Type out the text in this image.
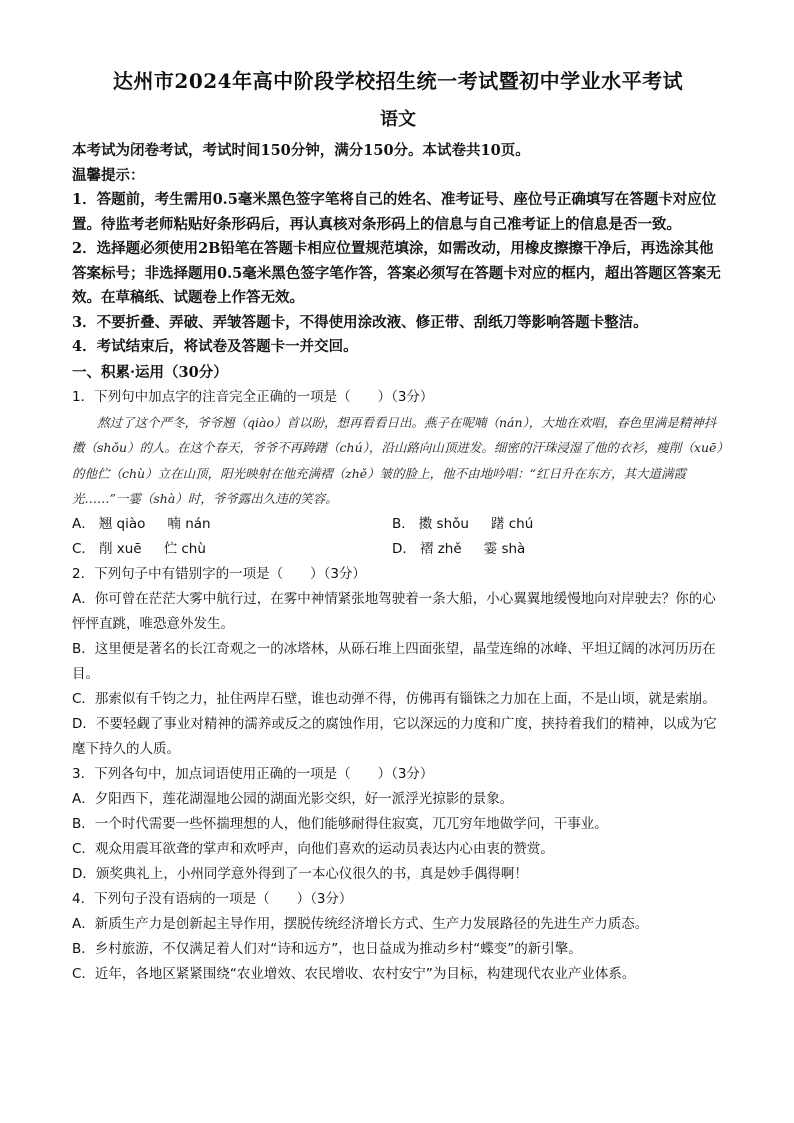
达州市2024年高中阶段学校招生统一考试暨初中学业水平考试
语文

本考试为闭卷考试，考试时间150分钟，满分150分。本试卷共10页。

温馨提示：

1．答题前，考生需用0.5毫米黑色签字笔将自己的姓名、准考证号、座位号正确填写在答题卡对应位置。待监考老师粘贴好条形码后，再认真核对条形码上的信息与自己准考证上的信息是否一致。

2．选择题必须使用2B铅笔在答题卡相应位置规范填涂，如需改动，用橡皮擦擦干净后，再选涂其他答案标号；非选择题用0.5毫米黑色签字笔作答，答案必须写在答题卡对应的框内，超出答题区答案无效。在草稿纸、试题卷上作答无效。

3．不要折叠、弄破、弄皱答题卡，不得使用涂改液、修正带、刮纸刀等影响答题卡整洁。

4．考试结束后，将试卷及答题卡一并交回。

一、积累·运用（30分）

1．下列句中加点字的注音完全正确的一项是（　　）（3分）

熬过了这个严冬，爷爷翘（qiào）首以盼，想再看看日出。燕子在呢喃（nán），大地在欢唱，春色里满是精神抖擞（shǒu）的人。在这个春天，爷爷不再踌躇（chú），沿山路向山顶进发。细密的汗珠浸湿了他的衣衫，瘦削（xuē）的他伫（chù）立在山顶，阳光映射在他充满褶（zhě）皱的脸上，他不由地吟唱：“红日升在东方，其大道满霞光……”一霎（shà）时，爷爷露出久违的笑容。

A． 翘 qiào 喃 nán	B． 擞 shǒu 躇 chú
C． 削 xuē 伫 chù	D． 褶 zhě 霎 shà

2．下列句子中有错别字的一项是（　　）（3分）

A．你可曾在茫茫大雾中航行过，在雾中神情紧张地驾驶着一条大船，小心翼翼地缓慢地向对岸驶去？你的心怦怦直跳，唯恐意外发生。

B．这里便是著名的长江奇观之一的冰塔林，从砾石堆上四面张望，晶莹连绵的冰峰、平坦辽阔的冰河历历在目。

C．那索似有千钧之力，扯住两岸石壁，谁也动弹不得，仿佛再有锱铢之力加在上面，不是山顷，就是索崩。

D．不要轻觑了事业对精神的濡养或反之的腐蚀作用，它以深远的力度和广度，挟持着我们的精神，以成为它麾下持久的人质。

3．下列各句中，加点词语使用正确的一项是（　　）（3分）

A．夕阳西下，莲花湖湿地公园的湖面光影交织，好一派浮光掠影的景象。

B．一个时代需要一些怀揣理想的人，他们能够耐得住寂寞，兀兀穷年地做学问，干事业。

C．观众用震耳欲聋的掌声和欢呼声，向他们喜欢的运动员表达内心由衷的赞赏。

D．颁奖典礼上，小州同学意外得到了一本心仪很久的书，真是妙手偶得啊！

4．下列句子没有语病的一项是（　　）（3分）

A．新质生产力是创新起主导作用，摆脱传统经济增长方式、生产力发展路径的先进生产力质态。

B．乡村旅游，不仅满足着人们对“诗和远方”，也日益成为推动乡村“蝶变”的新引擎。

C．近年，各地区紧紧围绕“农业增效、农民增收、农村安宁”为目标，构建现代农业产业体系。
